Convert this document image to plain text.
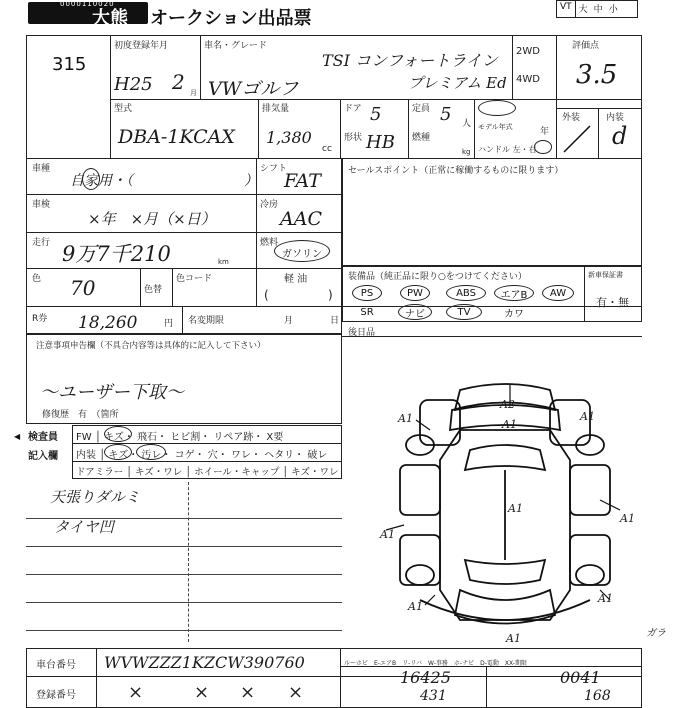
0000110020
大熊 オークション出品票
VT 大 中 小
315
初度登録年月
H25 2 月
車名・グレード
VWゴルフ
TSI コンフォートライン
プレミアム Ed
2WD
4WD
評価点
3.5
型式
DBA-1KCAX
排気量
1,380
cc
ドア 5
形状 HB
定員 5 人
燃種
kg
モデル年式	年
ハンドル 左・右
外装	内装
d
車種
自家用・（	）
車検
×年　×月（×日）
走行 9万7千210	km
色 70	色替
色コード
シフト
FAT
冷房
AAC
燃料
ガソリン
軽 油
(	)
R券 18,260	円 名変期限	月	日
セールスポイント（正常に稼働するものに限ります）
装備品（純正品に限り○をつけてください）	新車保証書
有・無
PS	PW	ABS	エアB	AW
SR	ナビ	TV	カワ
後日品
注意事項申告欄（不具合内容等は具体的に記入して下さい）
～ユーザー下取～
修復歴　有　（箇所
検査員
記入欄
FW │ キズ・ 飛石・ ヒビ割・ リペア跡・ X要
内装 │ キズ・ 汚レ・ コゲ・ 穴・ ワレ・ ヘタリ・ 破レ
ドアミラー │ キズ・ワレ │ ホイール・キャップ │ キズ・ワレ
天張りダルミ
タイヤ凹
A2
A1	A1
A1
A1
A1
A1
A1
A1
A1	ガラ
車台番号
登録番号
WVWZZZ1KZCW390760
×	× × ×
ルーホビ　E-エアB　リ-リバ　W-事務　ホ-ナビ　D-電動　XX-期限
16425	0041
431	168
◀
